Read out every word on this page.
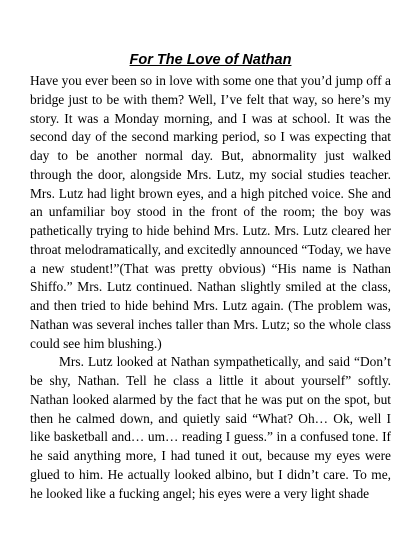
For The Love of Nathan

Have you ever been so in love with some one that you’d jump off a bridge just to be with them? Well, I’ve felt that way, so here’s my story. It was a Monday morning, and I was at school. It was the second day of the second marking period, so I was expecting that day to be another normal day. But, abnormality just walked through the door, alongside Mrs. Lutz, my social studies teacher. Mrs. Lutz had light brown eyes, and a high pitched voice. She and an unfamiliar boy stood in the front of the room; the boy was pathetically trying to hide behind Mrs. Lutz. Mrs. Lutz cleared her throat melodramatically, and excitedly announced “Today, we have a new student!”(That was pretty obvious) “His name is Nathan Shiffo.” Mrs. Lutz continued. Nathan slightly smiled at the class, and then tried to hide behind Mrs. Lutz again. (The problem was, Nathan was several inches taller than Mrs. Lutz; so the whole class could see him blushing.)

Mrs. Lutz looked at Nathan sympathetically, and said “Don’t be shy, Nathan. Tell he class a little it about yourself” softly. Nathan looked alarmed by the fact that he was put on the spot, but then he calmed down, and quietly said “What? Oh… Ok, well I like basketball and… um… reading I guess.” in a confused tone. If he said anything more, I had tuned it out, because my eyes were glued to him. He actually looked albino, but I didn’t care. To me, he looked like a fucking angel; his eyes were a very light shade
